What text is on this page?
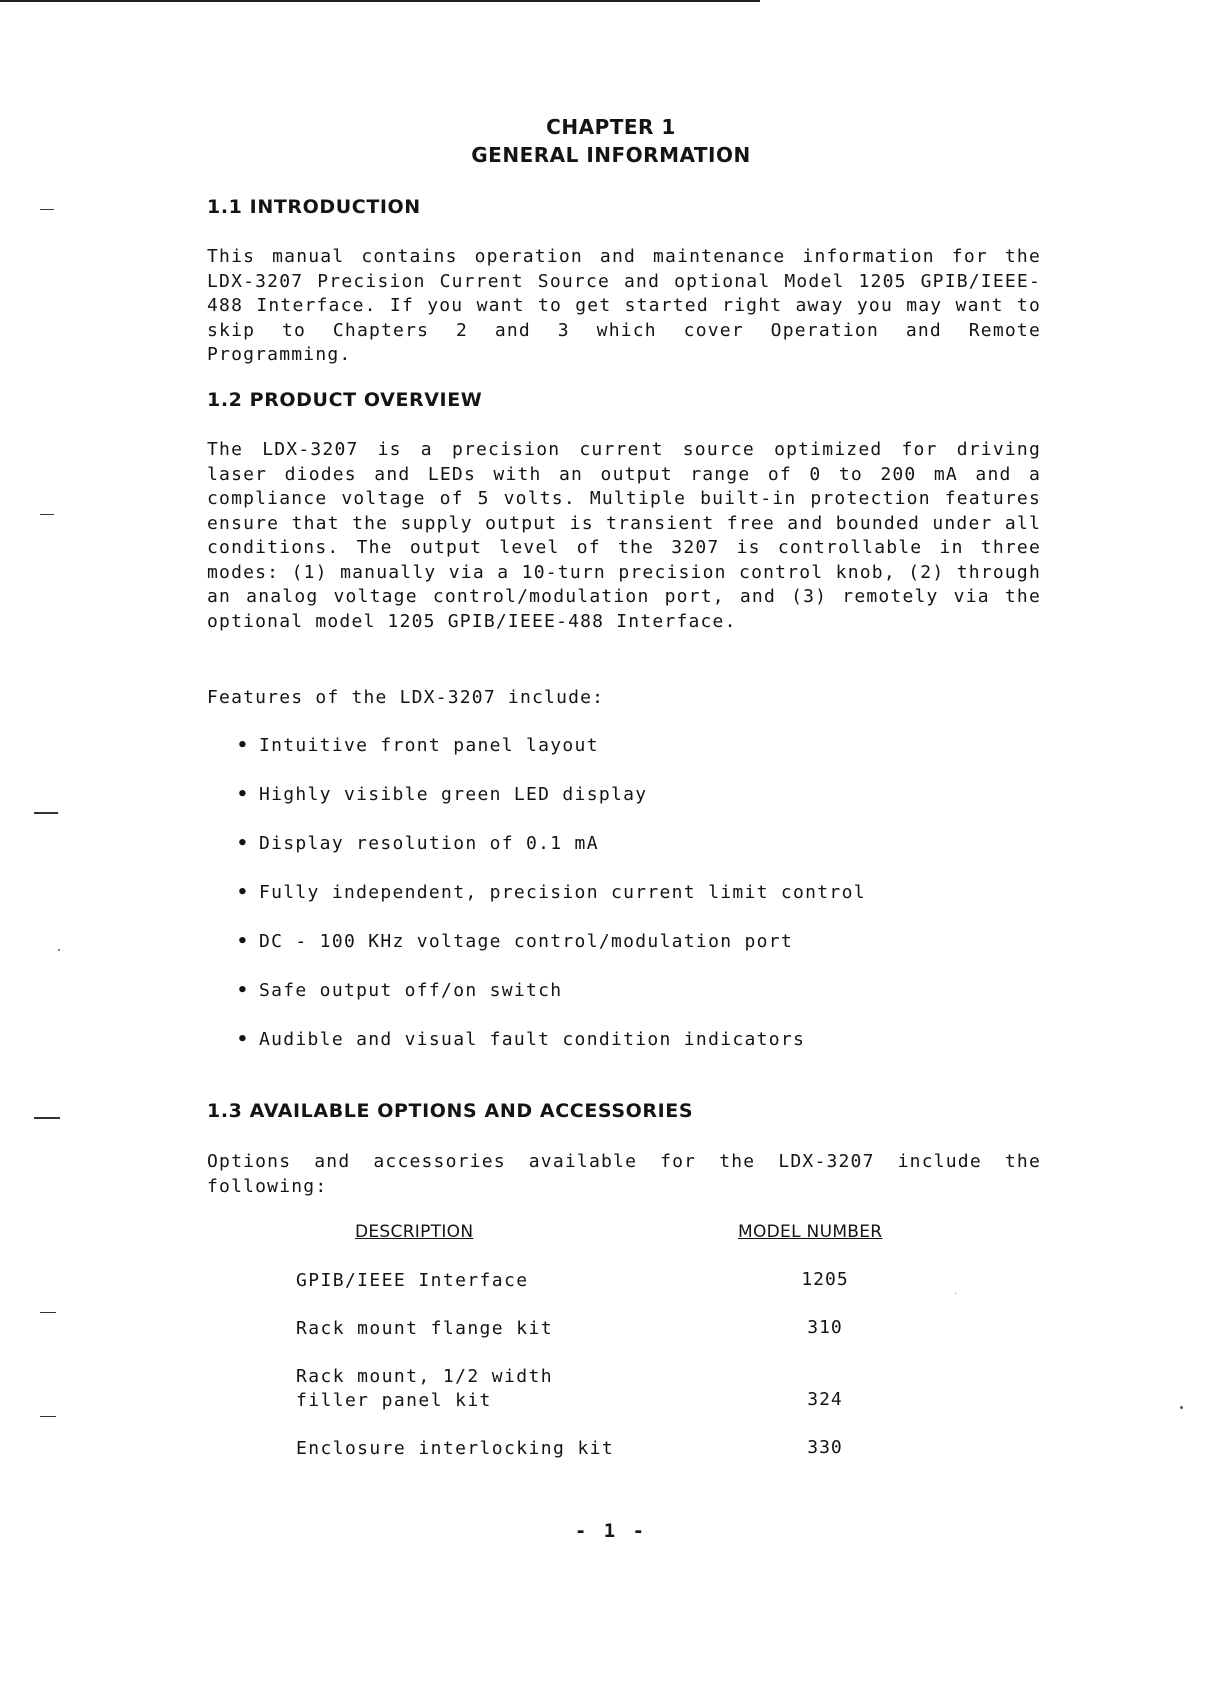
CHAPTER 1
GENERAL INFORMATION
1.1 INTRODUCTION
This manual contains operation and maintenance information for the LDX-3207 Precision Current Source and optional Model 1205 GPIB/IEEE-488 Interface. If you want to get started right away you may want to skip to Chapters 2 and 3 which cover Operation and Remote Programming.
1.2 PRODUCT OVERVIEW
The LDX-3207 is a precision current source optimized for driving laser diodes and LEDs with an output range of 0 to 200 mA and a compliance voltage of 5 volts. Multiple built-in protection features ensure that the supply output is transient free and bounded under all conditions. The output level of the 3207 is controllable in three modes: (1) manually via a 10-turn precision control knob, (2) through an analog voltage control/modulation port, and (3) remotely via the optional model 1205 GPIB/IEEE-488 Interface.
Features of the LDX-3207 include:
• Intuitive front panel layout
• Highly visible green LED display
• Display resolution of 0.1 mA
• Fully independent, precision current limit control
• DC - 100 KHz voltage control/modulation port
• Safe output off/on switch
• Audible and visual fault condition indicators
1.3 AVAILABLE OPTIONS AND ACCESSORIES
Options and accessories available for the LDX-3207 include the following:
DESCRIPTION	MODEL NUMBER
GPIB/IEEE Interface	1205
Rack mount flange kit	310
Rack mount, 1/2 width
filler panel kit	324
Enclosure interlocking kit	330
- 1 -
